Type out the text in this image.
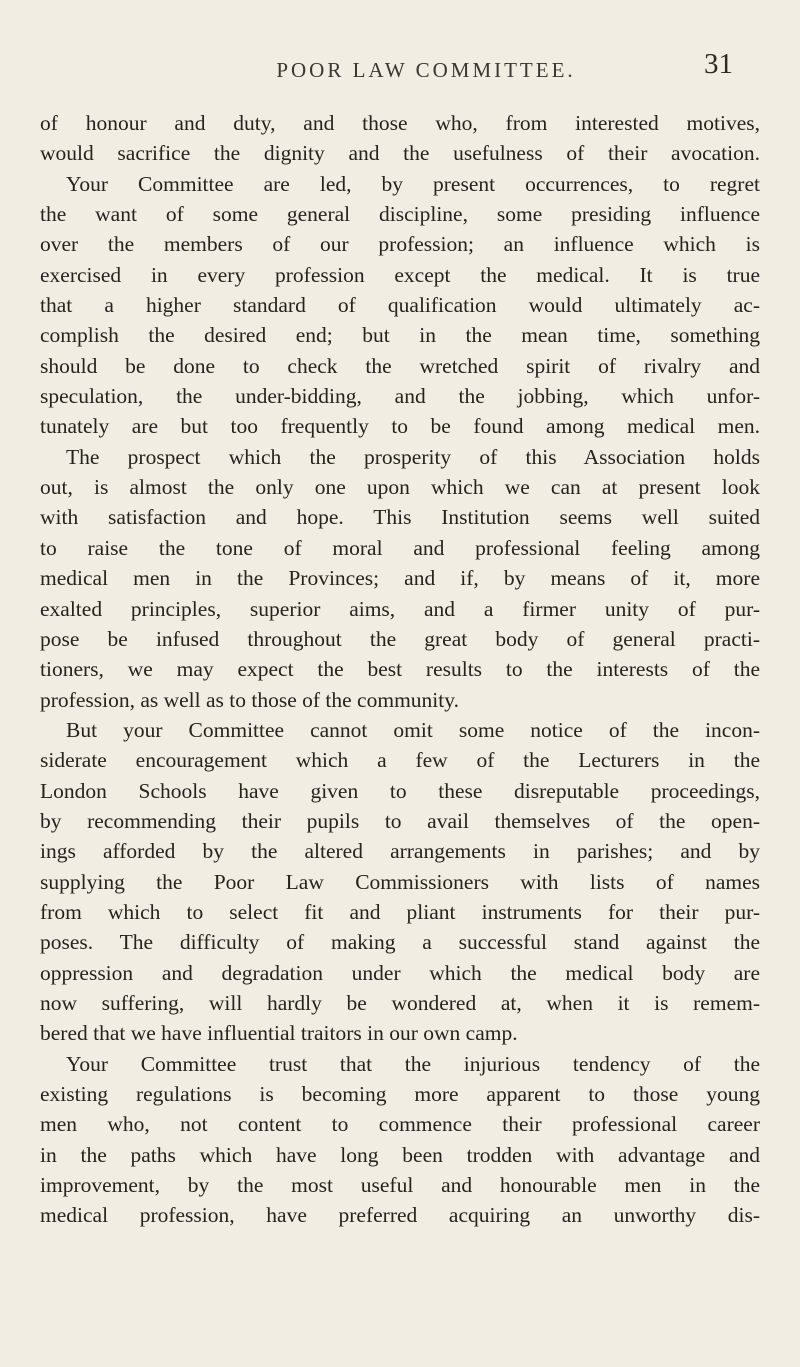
POOR LAW COMMITTEE.	31
of honour and duty, and those who, from interested motives,
would sacrifice the dignity and the usefulness of their avocation.
Your Committee are led, by present occurrences, to regret
the want of some general discipline, some presiding influence
over the members of our profession; an influence which is
exercised in every profession except the medical. It is true
that a higher standard of qualification would ultimately ac-
complish the desired end; but in the mean time, something
should be done to check the wretched spirit of rivalry and
speculation, the under-bidding, and the jobbing, which unfor-
tunately are but too frequently to be found among medical men.
The prospect which the prosperity of this Association holds
out, is almost the only one upon which we can at present look
with satisfaction and hope. This Institution seems well suited
to raise the tone of moral and professional feeling among
medical men in the Provinces; and if, by means of it, more
exalted principles, superior aims, and a firmer unity of pur-
pose be infused throughout the great body of general practi-
tioners, we may expect the best results to the interests of the
profession, as well as to those of the community.
But your Committee cannot omit some notice of the incon-
siderate encouragement which a few of the Lecturers in the
London Schools have given to these disreputable proceedings,
by recommending their pupils to avail themselves of the open-
ings afforded by the altered arrangements in parishes; and by
supplying the Poor Law Commissioners with lists of names
from which to select fit and pliant instruments for their pur-
poses. The difficulty of making a successful stand against the
oppression and degradation under which the medical body are
now suffering, will hardly be wondered at, when it is remem-
bered that we have influential traitors in our own camp.
Your Committee trust that the injurious tendency of the
existing regulations is becoming more apparent to those young
men who, not content to commence their professional career
in the paths which have long been trodden with advantage and
improvement, by the most useful and honourable men in the
medical profession, have preferred acquiring an unworthy dis-
